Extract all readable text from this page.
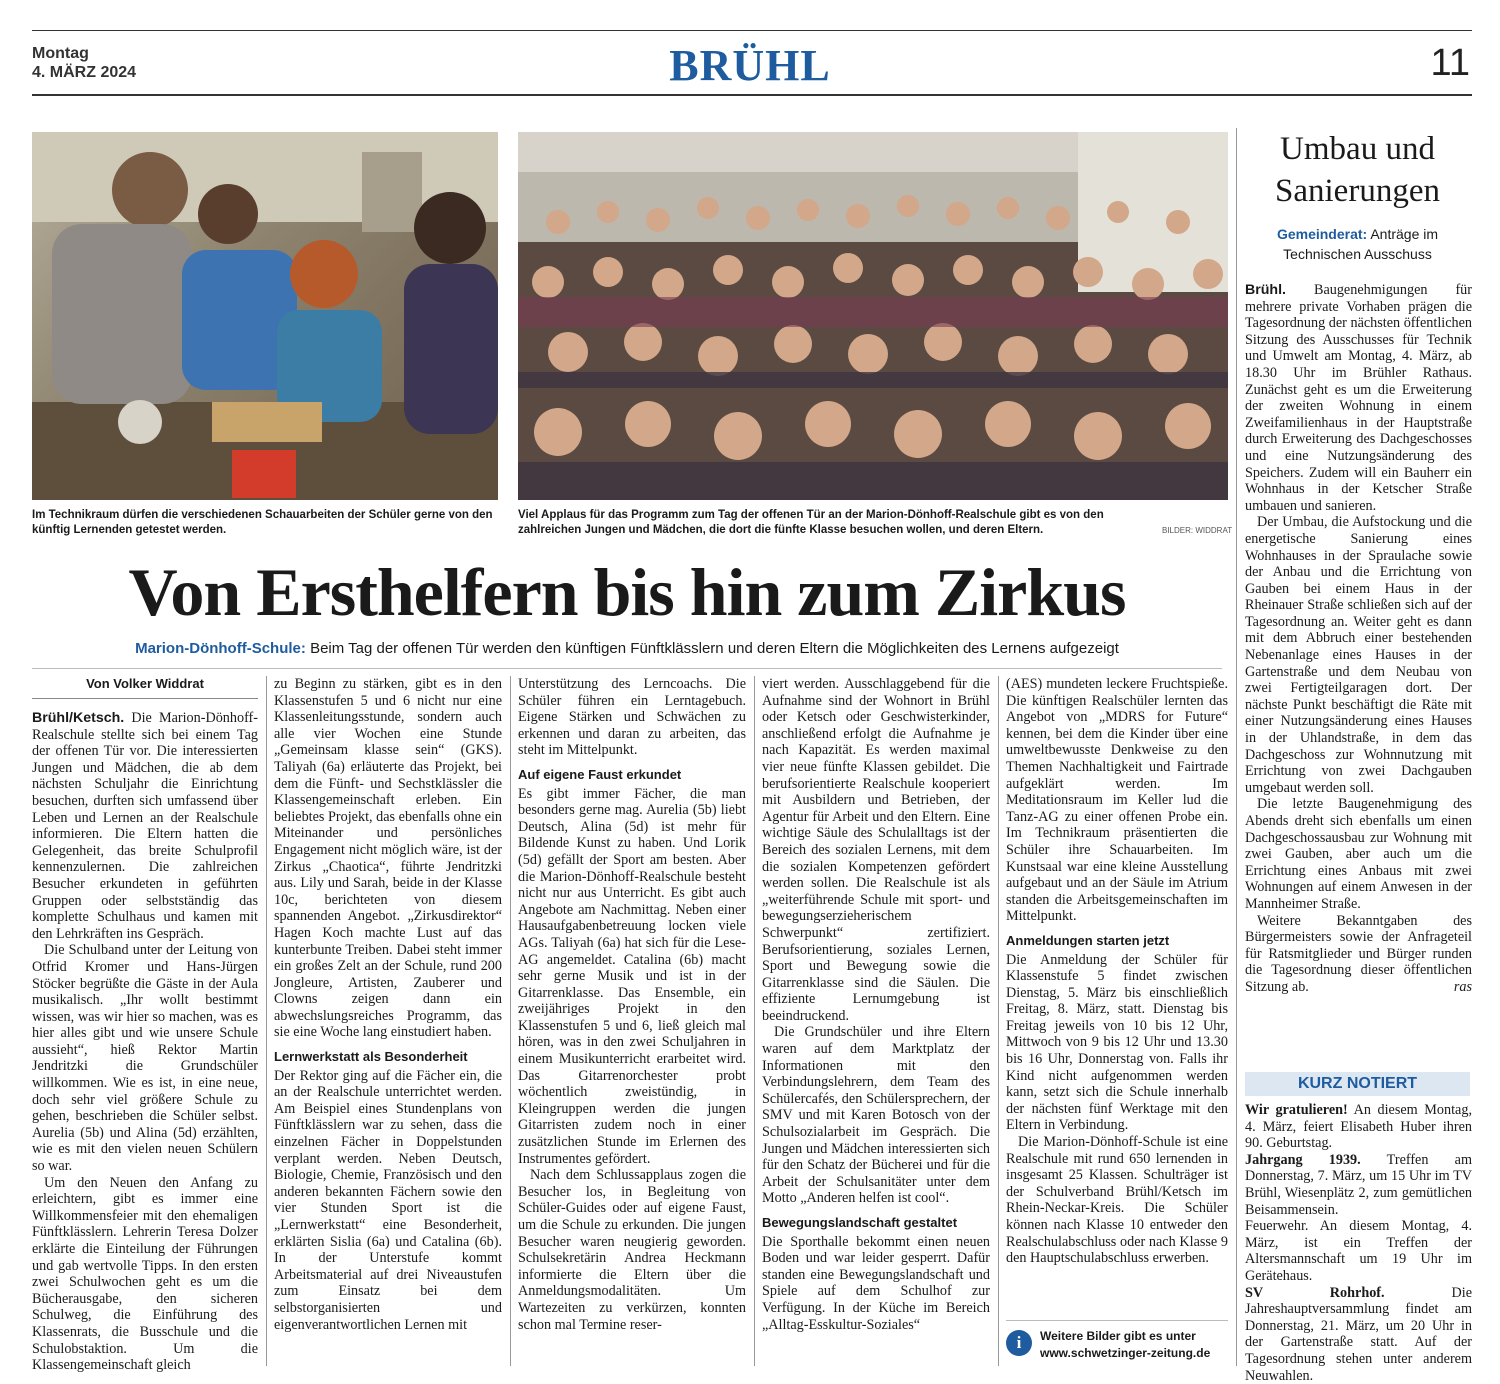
Montag
4. MÄRZ 2024	BRÜHL	11
Im Technikraum dürfen die verschiedenen Schauarbeiten der Schüler gerne von den künftig Lernenden getestet werden.
Viel Applaus für das Programm zum Tag der offenen Tür an der Marion-Dönhoff-Realschule gibt es von den zahlreichen Jungen und Mädchen, die dort die fünfte Klasse besuchen wollen, und deren Eltern.	BILDER: WIDDRAT
Von Ersthelfern bis hin zum Zirkus
Marion-Dönhoff-Schule: Beim Tag der offenen Tür werden den künftigen Fünftklässlern und deren Eltern die Möglichkeiten des Lernens aufgezeigt
Von Volker Widdrat

Brühl/Ketsch. Die Marion-Dönhoff-Realschule stellte sich bei einem Tag der offenen Tür vor. Die interessierten Jungen und Mädchen, die ab dem nächsten Schuljahr die Einrichtung besuchen, durften sich umfassend über Leben und Lernen an der Realschule informieren. Die Eltern hatten die Gelegenheit, das breite Schulprofil kennenzulernen. Die zahlreichen Besucher erkundeten in geführten Gruppen oder selbstständig das komplette Schulhaus und kamen mit den Lehrkräften ins Gespräch.

Die Schulband unter der Leitung von Otfrid Kromer und Hans-Jürgen Stöcker begrüßte die Gäste in der Aula musikalisch. „Ihr wollt bestimmt wissen, was wir hier so machen, was es hier alles gibt und wie unsere Schule aussieht“, hieß Rektor Martin Jendritzki die Grundschüler willkommen. Wie es ist, in eine neue, doch sehr viel größere Schule zu gehen, beschrieben die Schüler selbst. Aurelia (5b) und Alina (5d) erzählten, wie es mit den vielen neuen Schülern so war.

Um den Neuen den Anfang zu erleichtern, gibt es immer eine Willkommensfeier mit den ehemaligen Fünftklässlern. Lehrerin Teresa Dolzer erklärte die Einteilung der Führungen und gab wertvolle Tipps. In den ersten zwei Schulwochen geht es um die Bücherausgabe, den sicheren Schulweg, die Einführung des Klassenrats, die Busschule und die Schulobstaktion. Um die Klassengemeinschaft gleich

zu Beginn zu stärken, gibt es in den Klassenstufen 5 und 6 nicht nur eine Klassenleitungsstunde, sondern auch alle vier Wochen eine Stunde „Gemeinsam klasse sein“ (GKS). Taliyah (6a) erläuterte das Projekt, bei dem die Fünft- und Sechstklässler die Klassengemeinschaft erleben. Ein beliebtes Projekt, das ebenfalls ohne ein Miteinander und persönliches Engagement nicht möglich wäre, ist der Zirkus „Chaotica“, führte Jendritzki aus. Lily und Sarah, beide in der Klasse 10c, berichteten von diesem spannenden Angebot. „Zirkusdirektor“ Hagen Koch machte Lust auf das kunterbunte Treiben. Dabei steht immer ein großes Zelt an der Schule, rund 200 Jongleure, Artisten, Zauberer und Clowns zeigen dann ein abwechslungsreiches Programm, das sie eine Woche lang einstudiert haben.

Lernwerkstatt als Besonderheit

Der Rektor ging auf die Fächer ein, die an der Realschule unterrichtet werden. Am Beispiel eines Stundenplans von Fünftklässlern war zu sehen, dass die einzelnen Fächer in Doppelstunden verplant werden. Neben Deutsch, Biologie, Chemie, Französisch und den anderen bekannten Fächern sowie den vier Stunden Sport ist die „Lernwerkstatt“ eine Besonderheit, erklärten Sislia (6a) und Catalina (6b). In der Unterstufe kommt Arbeitsmaterial auf drei Niveaustufen zum Einsatz bei dem selbstorganisierten und eigenverantwortlichen Lernen mit

Unterstützung des Lerncoachs. Die Schüler führen ein Lerntagebuch. Eigene Stärken und Schwächen zu erkennen und daran zu arbeiten, das steht im Mittelpunkt.

Auf eigene Faust erkundet

Es gibt immer Fächer, die man besonders gerne mag. Aurelia (5b) liebt Deutsch, Alina (5d) ist mehr für Bildende Kunst zu haben. Und Lorik (5d) gefällt der Sport am besten. Aber die Marion-Dönhoff-Realschule besteht nicht nur aus Unterricht. Es gibt auch Angebote am Nachmittag. Neben einer Hausaufgabenbetreuung locken viele AGs. Taliyah (6a) hat sich für die Lese-AG angemeldet. Catalina (6b) macht sehr gerne Musik und ist in der Gitarrenklasse. Das Ensemble, ein zweijähriges Projekt in den Klassenstufen 5 und 6, ließ gleich mal hören, was in den zwei Schuljahren in einem Musikunterricht erarbeitet wird. Das Gitarrenorchester probt wöchentlich zweistündig, in Kleingruppen werden die jungen Gitarristen zudem noch in einer zusätzlichen Stunde im Erlernen des Instrumentes gefördert.

Nach dem Schlussapplaus zogen die Besucher los, in Begleitung von Schüler-Guides oder auf eigene Faust, um die Schule zu erkunden. Die jungen Besucher waren neugierig geworden. Schulsekretärin Andrea Heckmann informierte die Eltern über die Anmeldungsmodalitäten. Um Wartezeiten zu verkürzen, konnten schon mal Termine reser-

viert werden. Ausschlaggebend für die Aufnahme sind der Wohnort in Brühl oder Ketsch oder Geschwisterkinder, anschließend erfolgt die Aufnahme je nach Kapazität. Es werden maximal vier neue fünfte Klassen gebildet. Die berufsorientierte Realschule kooperiert mit Ausbildern und Betrieben, der Agentur für Arbeit und den Eltern. Eine wichtige Säule des Schulalltags ist der Bereich des sozialen Lernens, mit dem die sozialen Kompetenzen gefördert werden sollen. Die Realschule ist als „weiterführende Schule mit sport- und bewegungserzieherischem Schwerpunkt“ zertifiziert. Berufsorientierung, soziales Lernen, Sport und Bewegung sowie die Gitarrenklasse sind die Säulen. Die effiziente Lernumgebung ist beeindruckend.

Die Grundschüler und ihre Eltern waren auf dem Marktplatz der Informationen mit den Verbindungslehrern, dem Team des Schülercafés, den Schülersprechern, der SMV und mit Karen Botosch von der Schulsozialarbeit im Gespräch. Die Jungen und Mädchen interessierten sich für den Schatz der Bücherei und für die Arbeit der Schulsanitäter unter dem Motto „Anderen helfen ist cool“.

Bewegungslandschaft gestaltet

Die Sporthalle bekommt einen neuen Boden und war leider gesperrt. Dafür standen eine Bewegungslandschaft und Spiele auf dem Schulhof zur Verfügung. In der Küche im Bereich „Alltag-Esskultur-Soziales“

(AES) mundeten leckere Fruchtspieße. Die künftigen Realschüler lernten das Angebot von „MDRS for Future“ kennen, bei dem die Kinder über eine umweltbewusste Denkweise zu den Themen Nachhaltigkeit und Fairtrade aufgeklärt werden. Im Meditationsraum im Keller lud die Tanz-AG zu einer offenen Probe ein. Im Technikraum präsentierten die Schüler ihre Schauarbeiten. Im Kunstsaal war eine kleine Ausstellung aufgebaut und an der Säule im Atrium standen die Arbeitsgemeinschaften im Mittelpunkt.

Anmeldungen starten jetzt

Die Anmeldung der Schüler für Klassenstufe 5 findet zwischen Dienstag, 5. März bis einschließlich Freitag, 8. März, statt. Dienstag bis Freitag jeweils von 10 bis 12 Uhr, Mittwoch von 9 bis 12 Uhr und 13.30 bis 16 Uhr, Donnerstag von. Falls ihr Kind nicht aufgenommen werden kann, setzt sich die Schule innerhalb der nächsten fünf Werktage mit den Eltern in Verbindung.

Die Marion-Dönhoff-Schule ist eine Realschule mit rund 650 lernenden in insgesamt 25 Klassen. Schulträger ist der Schulverband Brühl/Ketsch im Rhein-Neckar-Kreis. Die Schüler können nach Klasse 10 entweder den Realschulabschluss oder nach Klasse 9 den Hauptschulabschluss erwerben.

i	Weitere Bilder gibt es unter
www.schwetzinger-zeitung.de
Umbau und Sanierungen
Gemeinderat: Anträge im Technischen Ausschuss

Brühl. Baugenehmigungen für mehrere private Vorhaben prägen die Tagesordnung der nächsten öffentlichen Sitzung des Ausschusses für Technik und Umwelt am Montag, 4. März, ab 18.30 Uhr im Brühler Rathaus. Zunächst geht es um die Erweiterung der zweiten Wohnung in einem Zweifamilienhaus in der Hauptstraße durch Erweiterung des Dachgeschosses und eine Nutzungsänderung des Speichers. Zudem will ein Bauherr ein Wohnhaus in der Ketscher Straße umbauen und sanieren.

Der Umbau, die Aufstockung und die energetische Sanierung eines Wohnhauses in der Spraulache sowie der Anbau und die Errichtung von Gauben bei einem Haus in der Rheinauer Straße schließen sich auf der Tagesordnung an. Weiter geht es dann mit dem Abbruch einer bestehenden Nebenanlage eines Hauses in der Gartenstraße und dem Neubau von zwei Fertigteilgaragen dort. Der nächste Punkt beschäftigt die Räte mit einer Nutzungsänderung eines Hauses in der Uhlandstraße, in dem das Dachgeschoss zur Wohnnutzung mit Errichtung von zwei Dachgauben umgebaut werden soll.

Die letzte Baugenehmigung des Abends dreht sich ebenfalls um einen Dachgeschossausbau zur Wohnung mit zwei Gauben, aber auch um die Errichtung eines Anbaus mit zwei Wohnungen auf einem Anwesen in der Mannheimer Straße.

Weitere Bekanntgaben des Bürgermeisters sowie der Anfrageteil für Ratsmitglieder und Bürger runden die Tagesordnung dieser öffentlichen Sitzung ab.	ras

KURZ NOTIERT

Wir gratulieren! An diesem Montag, 4. März, feiert Elisabeth Huber ihren 90. Geburtstag.

Jahrgang 1939. Treffen am Donnerstag, 7. März, um 15 Uhr im TV Brühl, Wiesenplätz 2, zum gemütlichen Beisammensein.

Feuerwehr. An diesem Montag, 4. März, ist ein Treffen der Altersmannschaft um 19 Uhr im Gerätehaus.

SV Rohrhof.	Die Jahreshauptversammlung findet am Donnerstag, 21. März, um 20 Uhr in der Gartenstraße statt. Auf der Tagesordnung stehen unter anderem Neuwahlen.
